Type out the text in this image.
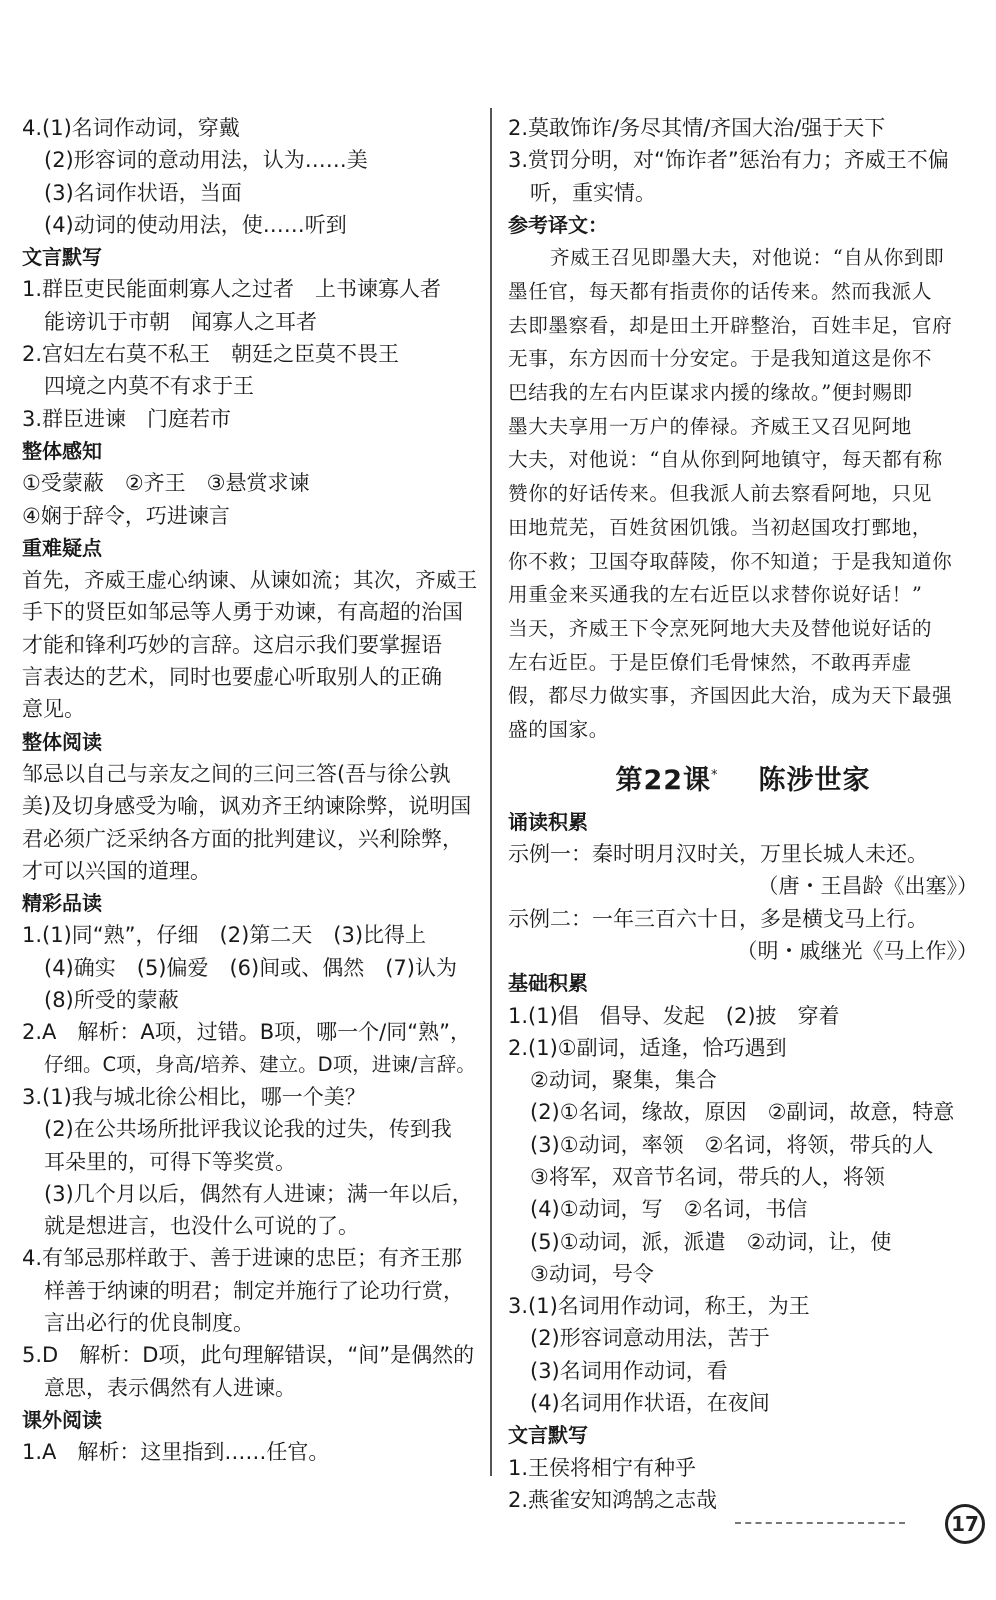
4.(1)名词作动词，穿戴
(2)形容词的意动用法，认为……美
(3)名词作状语，当面
(4)动词的使动用法，使……听到
文言默写
1.群臣吏民能面刺寡人之过者　上书谏寡人者
能谤讥于市朝　闻寡人之耳者
2.宫妇左右莫不私王　朝廷之臣莫不畏王
四境之内莫不有求于王
3.群臣进谏　门庭若市
整体感知
①受蒙蔽　②齐王　③悬赏求谏
④娴于辞令，巧进谏言
重难疑点
首先，齐威王虚心纳谏、从谏如流；其次，齐威王
手下的贤臣如邹忌等人勇于劝谏，有高超的治国
才能和锋利巧妙的言辞。这启示我们要掌握语
言表达的艺术，同时也要虚心听取别人的正确
意见。
整体阅读
邹忌以自己与亲友之间的三问三答(吾与徐公孰
美)及切身感受为喻，讽劝齐王纳谏除弊，说明国
君必须广泛采纳各方面的批判建议，兴利除弊，
才可以兴国的道理。
精彩品读
1.(1)同“熟”，仔细　(2)第二天　(3)比得上
(4)确实　(5)偏爱　(6)间或、偶然　(7)认为
(8)所受的蒙蔽
2.A　解析：A项，过错。B项，哪一个/同“熟”，
仔细。C项，身高/培养、建立。D项，进谏/言辞。
3.(1)我与城北徐公相比，哪一个美？
(2)在公共场所批评我议论我的过失，传到我
耳朵里的，可得下等奖赏。
(3)几个月以后，偶然有人进谏；满一年以后，
就是想进言，也没什么可说的了。
4.有邹忌那样敢于、善于进谏的忠臣；有齐王那
样善于纳谏的明君；制定并施行了论功行赏，
言出必行的优良制度。
5.D　解析：D项，此句理解错误，“间”是偶然的
意思，表示偶然有人进谏。
课外阅读
1.A　解析：这里指到……任官。
2.莫敢饰诈/务尽其情/齐国大治/强于天下
3.赏罚分明，对“饰诈者”惩治有力；齐威王不偏
听，重实情。
参考译文：
齐威王召见即墨大夫，对他说：“自从你到即
墨任官，每天都有指责你的话传来。然而我派人
去即墨察看，却是田土开辟整治，百姓丰足，官府
无事，东方因而十分安定。于是我知道这是你不
巴结我的左右内臣谋求内援的缘故。”便封赐即
墨大夫享用一万户的俸禄。齐威王又召见阿地
大夫，对他说：“自从你到阿地镇守，每天都有称
赞你的好话传来。但我派人前去察看阿地，只见
田地荒芜，百姓贫困饥饿。当初赵国攻打鄄地，
你不救；卫国夺取薛陵，你不知道；于是我知道你
用重金来买通我的左右近臣以求替你说好话！”
当天，齐威王下令烹死阿地大夫及替他说好话的
左右近臣。于是臣僚们毛骨悚然，不敢再弄虚
假，都尽力做实事，齐国因此大治，成为天下最强
盛的国家。
第22课* 陈涉世家
诵读积累
示例一：秦时明月汉时关，万里长城人未还。
（唐・王昌龄《出塞》）
示例二：一年三百六十日，多是横戈马上行。
（明・戚继光《马上作》）
基础积累
1.(1)倡　倡导、发起　(2)披　穿着
2.(1)①副词，适逢，恰巧遇到
②动词，聚集，集合
(2)①名词，缘故，原因　②副词，故意，特意
(3)①动词，率领　②名词，将领，带兵的人
③将军，双音节名词，带兵的人，将领
(4)①动词，写　②名词，书信
(5)①动词，派，派遣　②动词，让，使
③动词，号令
3.(1)名词用作动词，称王，为王
(2)形容词意动用法，苦于
(3)名词用作动词，看
(4)名词用作状语，在夜间
文言默写
1.王侯将相宁有种乎
2.燕雀安知鸿鹄之志哉
17
